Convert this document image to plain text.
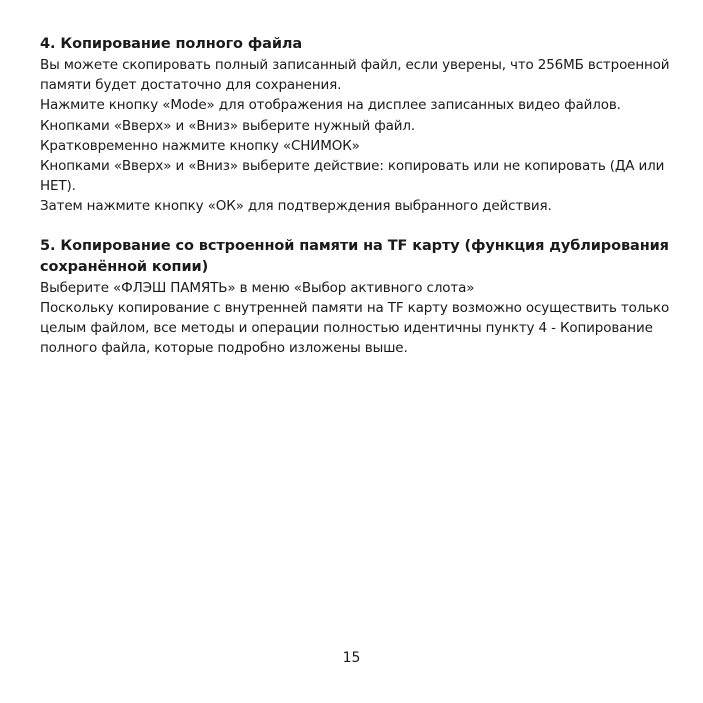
4. Копирование полного файла

Вы можете скопировать полный записанный файл, если уверены, что 256МБ встроенной памяти будет достаточно для сохранения.

Нажмите кнопку «Mode» для отображения на дисплее записанных видео файлов.

Кнопками «Вверх» и «Вниз» выберите нужный файл.

Кратковременно нажмите кнопку «СНИМОК»

Кнопками «Вверх» и «Вниз» выберите действие: копировать или не копировать (ДА или НЕТ).

Затем нажмите кнопку «ОК» для подтверждения выбранного действия.

5. Копирование со встроенной памяти на TF карту (функция дублирования сохранённой копии)

Выберите «ФЛЭШ ПАМЯТЬ» в меню «Выбор активного слота»

Поскольку копирование с внутренней памяти на TF карту возможно осуществить только целым файлом, все методы и операции полностью идентичны пункту 4 - Копирование полного файла, которые подробно изложены выше.

15
